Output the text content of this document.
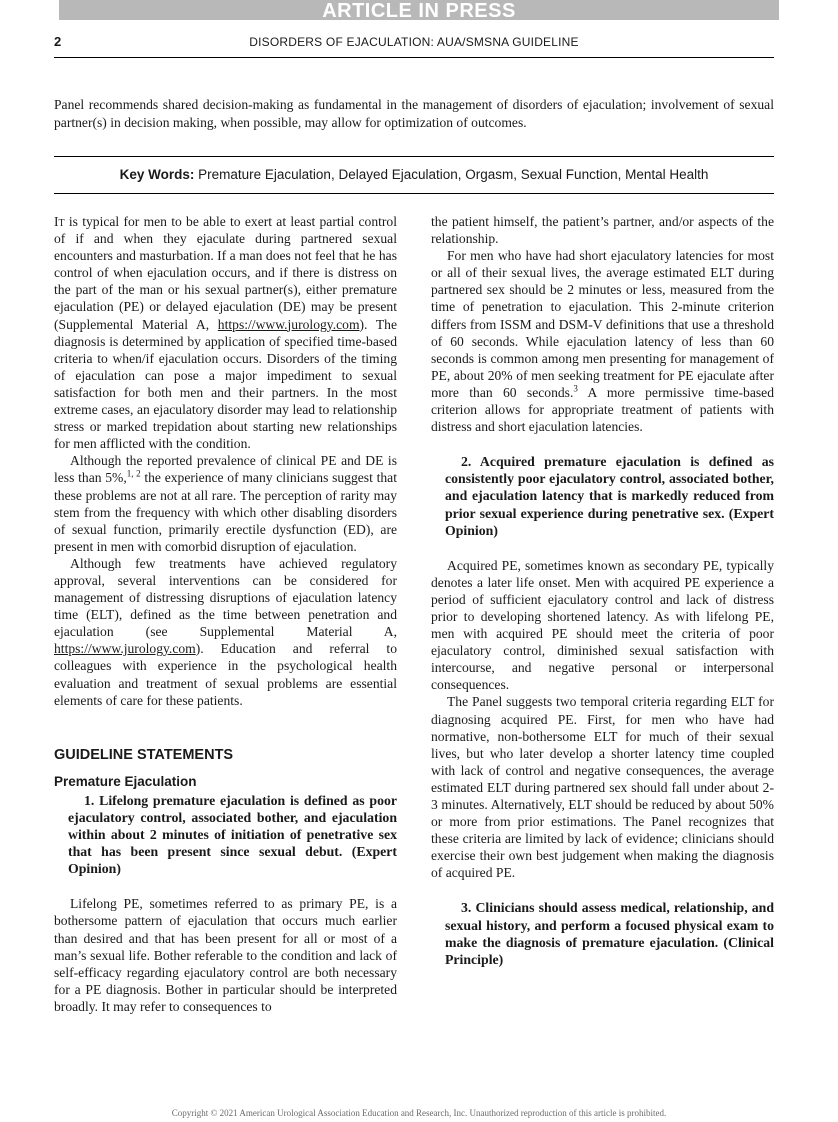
ARTICLE IN PRESS
2	DISORDERS OF EJACULATION: AUA/SMSNA GUIDELINE

Panel recommends shared decision-making as fundamental in the management of disorders of ejaculation; involvement of sexual partner(s) in decision making, when possible, may allow for optimization of outcomes.

Key Words: Premature Ejaculation, Delayed Ejaculation, Orgasm, Sexual Function, Mental Health

It is typical for men to be able to exert at least partial control of if and when they ejaculate during partnered sexual encounters and masturbation. If a man does not feel that he has control of when ejaculation occurs, and if there is distress on the part of the man or his sexual partner(s), either premature ejaculation (PE) or delayed ejaculation (DE) may be present (Supplemental Material A, https://www.jurology.com). The diagnosis is determined by application of specified time-based criteria to when/if ejaculation occurs. Disorders of the timing of ejaculation can pose a major impediment to sexual satisfaction for both men and their partners. In the most extreme cases, an ejaculatory disorder may lead to relationship stress or marked trepidation about starting new relationships for men afflicted with the condition.

Although the reported prevalence of clinical PE and DE is less than 5%,$^{1, 2}$ the experience of many clinicians suggest that these problems are not at all rare. The perception of rarity may stem from the frequency with which other disabling disorders of sexual function, primarily erectile dysfunction (ED), are present in men with comorbid disruption of ejaculation.

Although few treatments have achieved regulatory approval, several interventions can be considered for management of distressing disruptions of ejaculation latency time (ELT), defined as the time between penetration and ejaculation (see Supplemental Material A, https://www.jurology.com). Education and referral to colleagues with experience in the psychological health evaluation and treatment of sexual problems are essential elements of care for these patients.

GUIDELINE STATEMENTS
Premature Ejaculation

1. Lifelong premature ejaculation is defined as poor ejaculatory control, associated bother, and ejaculation within about 2 minutes of initiation of penetrative sex that has been present since sexual debut. (Expert Opinion)

Lifelong PE, sometimes referred to as primary PE, is a bothersome pattern of ejaculation that occurs much earlier than desired and that has been present for all or most of a man’s sexual life. Bother referable to the condition and lack of self-efficacy regarding ejaculatory control are both necessary for a PE diagnosis. Bother in particular should be interpreted broadly. It may refer to consequences to

the patient himself, the patient’s partner, and/or aspects of the relationship.

For men who have had short ejaculatory latencies for most or all of their sexual lives, the average estimated ELT during partnered sex should be 2 minutes or less, measured from the time of penetration to ejaculation. This 2-minute criterion differs from ISSM and DSM-V definitions that use a threshold of 60 seconds. While ejaculation latency of less than 60 seconds is common among men presenting for management of PE, about 20% of men seeking treatment for PE ejaculate after more than 60 seconds.$^3$ A more permissive time-based criterion allows for appropriate treatment of patients with distress and short ejaculation latencies.

2. Acquired premature ejaculation is defined as consistently poor ejaculatory control, associated bother, and ejaculation latency that is markedly reduced from prior sexual experience during penetrative sex. (Expert Opinion)

Acquired PE, sometimes known as secondary PE, typically denotes a later life onset. Men with acquired PE experience a period of sufficient ejaculatory control and lack of distress prior to developing shortened latency. As with lifelong PE, men with acquired PE should meet the criteria of poor ejaculatory control, diminished sexual satisfaction with intercourse, and negative personal or interpersonal consequences.

The Panel suggests two temporal criteria regarding ELT for diagnosing acquired PE. First, for men who have had normative, non-bothersome ELT for much of their sexual lives, but who later develop a shorter latency time coupled with lack of control and negative consequences, the average estimated ELT during partnered sex should fall under about 2-3 minutes. Alternatively, ELT should be reduced by about 50% or more from prior estimations. The Panel recognizes that these criteria are limited by lack of evidence; clinicians should exercise their own best judgement when making the diagnosis of acquired PE.

3. Clinicians should assess medical, relationship, and sexual history, and perform a focused physical exam to make the diagnosis of premature ejaculation. (Clinical Principle)

Copyright © 2021 American Urological Association Education and Research, Inc. Unauthorized reproduction of this article is prohibited.
